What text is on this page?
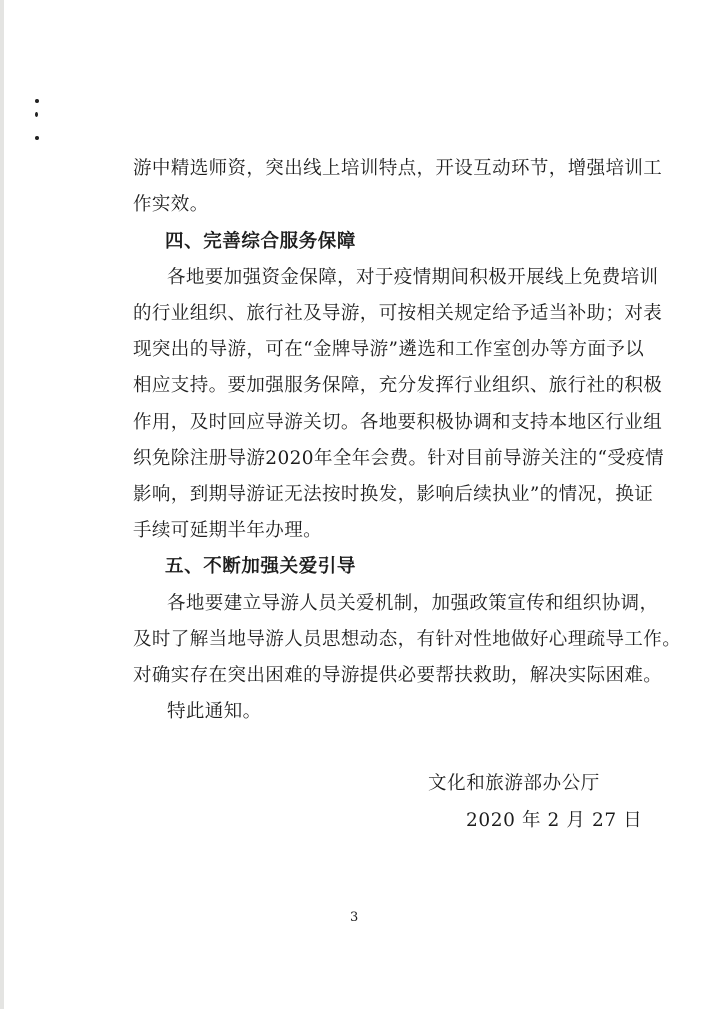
游中精选师资，突出线上培训特点，开设互动环节，增强培训工
作实效。
四、完善综合服务保障
各地要加强资金保障，对于疫情期间积极开展线上免费培训
的行业组织、旅行社及导游，可按相关规定给予适当补助；对表
现突出的导游，可在“金牌导游”遴选和工作室创办等方面予以
相应支持。要加强服务保障，充分发挥行业组织、旅行社的积极
作用，及时回应导游关切。各地要积极协调和支持本地区行业组
织免除注册导游2020年全年会费。针对目前导游关注的“受疫情
影响，到期导游证无法按时换发，影响后续执业”的情况，换证
手续可延期半年办理。
五、不断加强关爱引导
各地要建立导游人员关爱机制，加强政策宣传和组织协调，
及时了解当地导游人员思想动态，有针对性地做好心理疏导工作。
对确实存在突出困难的导游提供必要帮扶救助，解决实际困难。
特此通知。
文化和旅游部办公厅
2020 年 2 月 27 日
3
